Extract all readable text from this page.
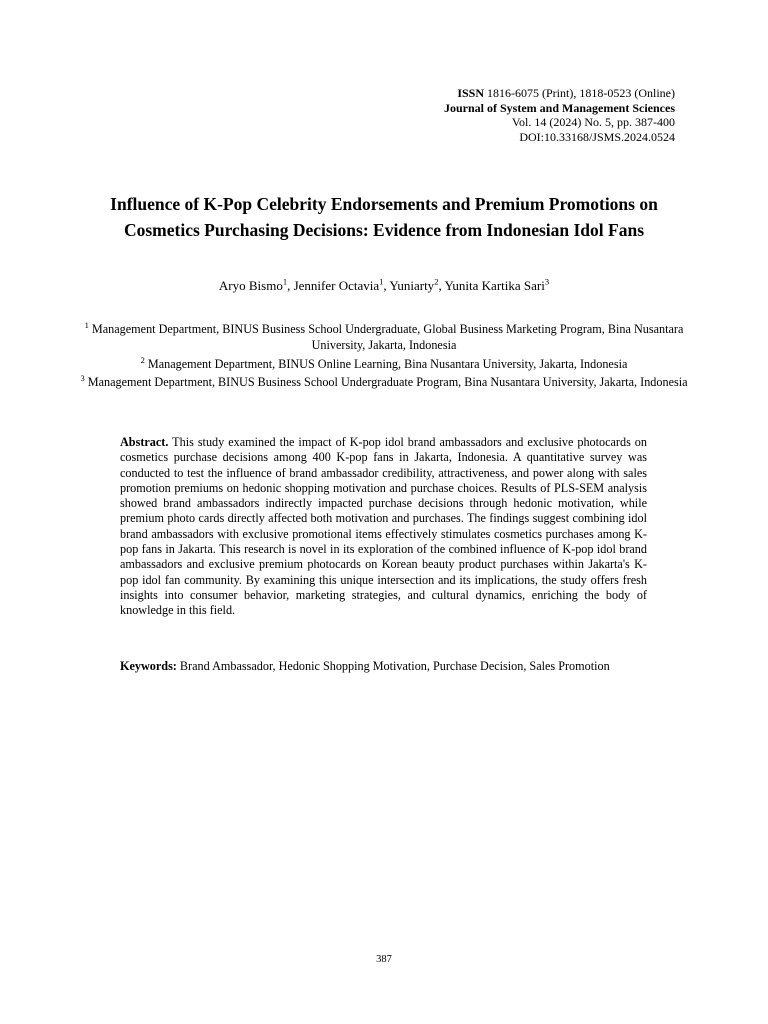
ISSN 1816-6075 (Print), 1818-0523 (Online)
Journal of System and Management Sciences
Vol. 14 (2024) No. 5, pp. 387-400
DOI:10.33168/JSMS.2024.0524
Influence of K-Pop Celebrity Endorsements and Premium Promotions on Cosmetics Purchasing Decisions: Evidence from Indonesian Idol Fans
Aryo Bismo$^1$, Jennifer Octavia$^1$, Yuniarty$^2$, Yunita Kartika Sari$^3$
$^1$ Management Department, BINUS Business School Undergraduate, Global Business Marketing Program, Bina Nusantara University, Jakarta, Indonesia
$^2$ Management Department, BINUS Online Learning, Bina Nusantara University, Jakarta, Indonesia
$^3$ Management Department, BINUS Business School Undergraduate Program, Bina Nusantara University, Jakarta, Indonesia
Abstract. This study examined the impact of K-pop idol brand ambassadors and exclusive photocards on cosmetics purchase decisions among 400 K-pop fans in Jakarta, Indonesia. A quantitative survey was conducted to test the influence of brand ambassador credibility, attractiveness, and power along with sales promotion premiums on hedonic shopping motivation and purchase choices. Results of PLS-SEM analysis showed brand ambassadors indirectly impacted purchase decisions through hedonic motivation, while premium photo cards directly affected both motivation and purchases. The findings suggest combining idol brand ambassadors with exclusive promotional items effectively stimulates cosmetics purchases among K-pop fans in Jakarta. This research is novel in its exploration of the combined influence of K-pop idol brand ambassadors and exclusive premium photocards on Korean beauty product purchases within Jakarta's K-pop idol fan community. By examining this unique intersection and its implications, the study offers fresh insights into consumer behavior, marketing strategies, and cultural dynamics, enriching the body of knowledge in this field.
Keywords: Brand Ambassador, Hedonic Shopping Motivation, Purchase Decision, Sales Promotion
387
